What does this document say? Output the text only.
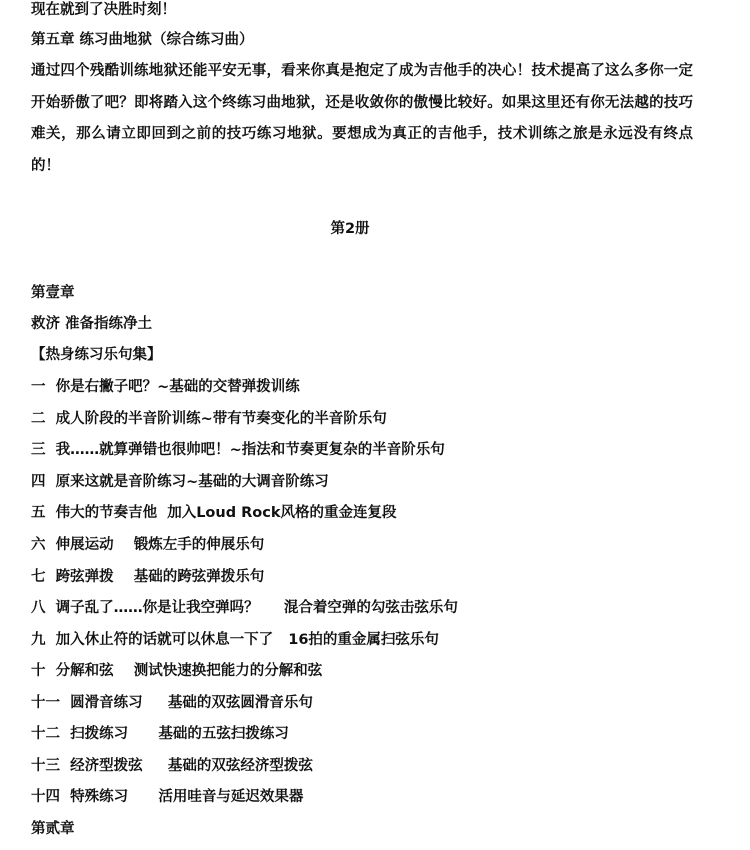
现在就到了决胜时刻！
第五章 练习曲地狱（综合练习曲）
通过四个残酷训练地狱还能平安无事，看来你真是抱定了成为吉他手的决心！技术提高了这么多你一定开始骄傲了吧？即将踏入这个终练习曲地狱，还是收敛你的傲慢比较好。如果这里还有你无法越的技巧难关，那么请立即回到之前的技巧练习地狱。要想成为真正的吉他手，技术训练之旅是永远没有终点的！
第2册
第壹章
救济 准备指练净土
【热身练习乐句集】
一  你是右撇子吧？~基础的交替弹拨训练
二  成人阶段的半音阶训练~带有节奏变化的半音阶乐句
三  我……就算弹错也很帅吧！~指法和节奏更复杂的半音阶乐句
四  原来这就是音阶练习~基础的大调音阶练习
五  伟大的节奏吉他  加入Loud Rock风格的重金连复段
六  伸展运动    锻炼左手的伸展乐句
七  跨弦弹拨    基础的跨弦弹拨乐句
八  调子乱了……你是让我空弹吗？     混合着空弹的勾弦击弦乐句
九  加入休止符的话就可以休息一下了   16拍的重金属扫弦乐句
十  分解和弦    测试快速换把能力的分解和弦
十一  圆滑音练习     基础的双弦圆滑音乐句
十二  扫拨练习      基础的五弦扫拨练习
十三  经济型拨弦     基础的双弦经济型拨弦
十四  特殊练习      活用哇音与延迟效果器
第贰章
